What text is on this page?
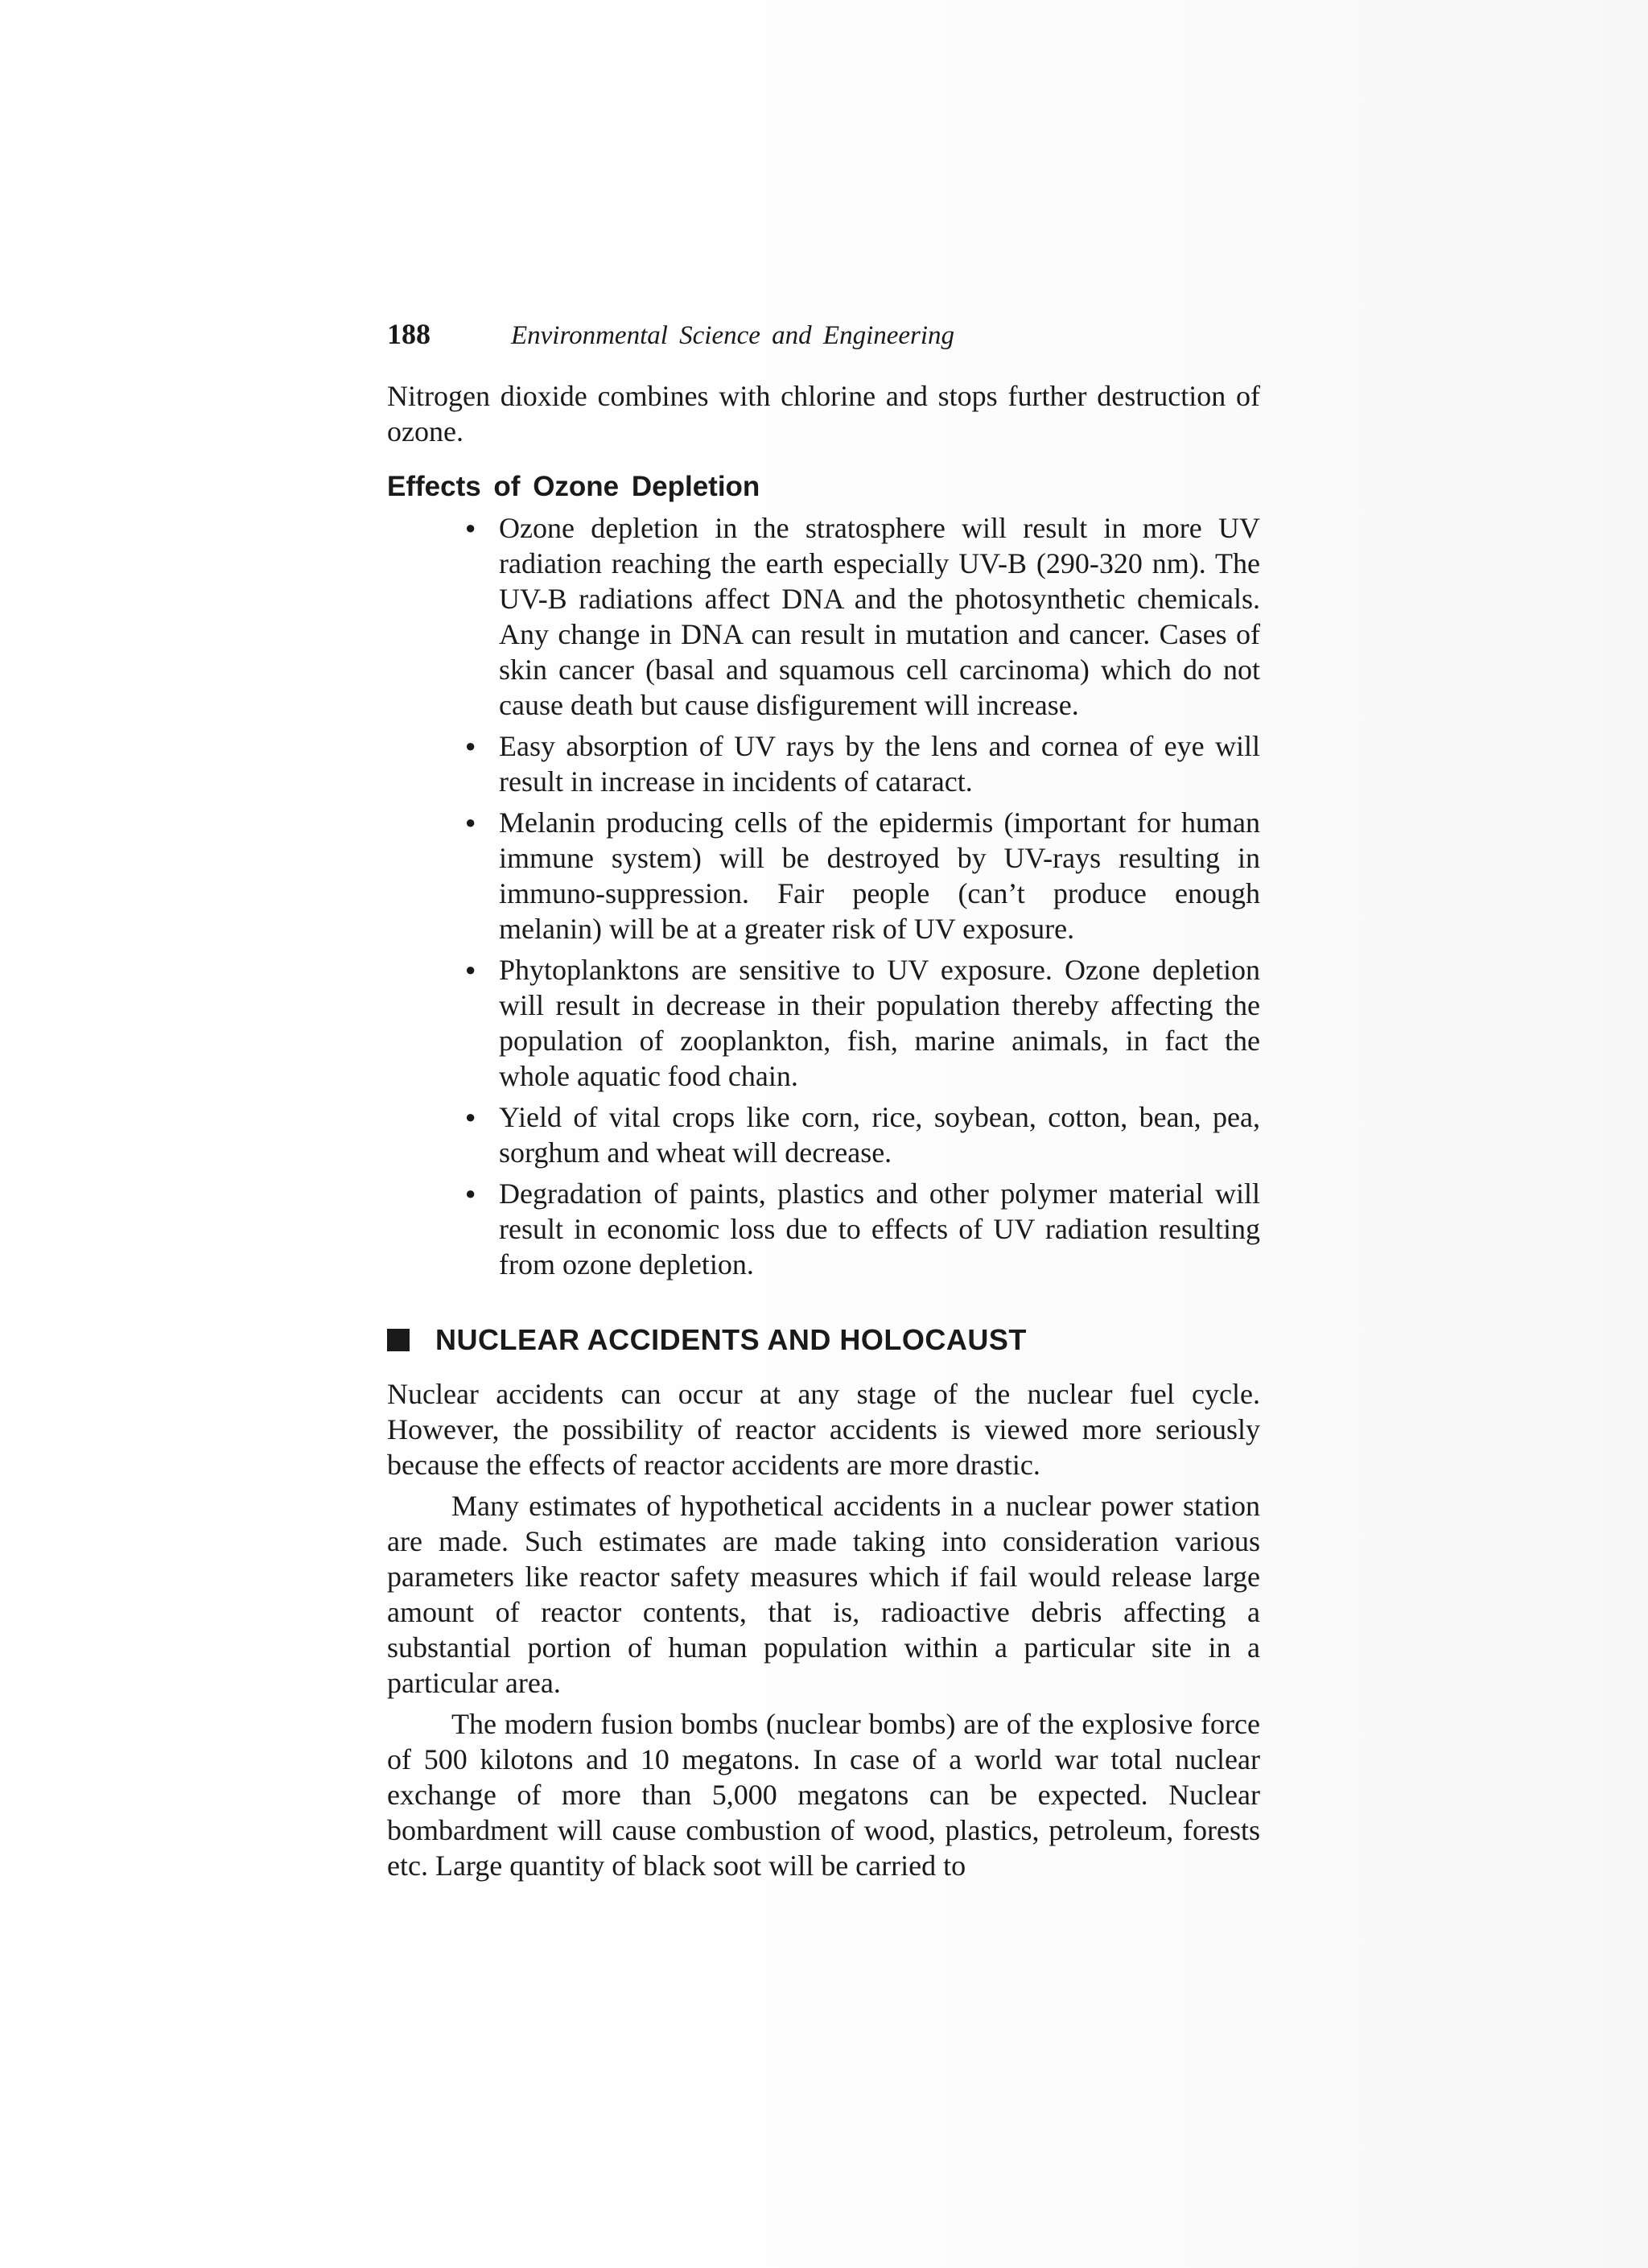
188	Environmental Science and Engineering

Nitrogen dioxide combines with chlorine and stops further destruction of ozone.

Effects of Ozone Depletion
● Ozone depletion in the stratosphere will result in more UV radiation reaching the earth especially UV-B (290-320 nm). The UV-B radiations affect DNA and the photosynthetic chemicals. Any change in DNA can result in mutation and cancer. Cases of skin cancer (basal and squamous cell carcinoma) which do not cause death but cause disfigurement will increase.
● Easy absorption of UV rays by the lens and cornea of eye will result in increase in incidents of cataract.
● Melanin producing cells of the epidermis (important for human immune system) will be destroyed by UV-rays resulting in immuno-suppression. Fair people (can’t produce enough melanin) will be at a greater risk of UV exposure.
● Phytoplanktons are sensitive to UV exposure. Ozone depletion will result in decrease in their population thereby affecting the population of zooplankton, fish, marine animals, in fact the whole aquatic food chain.
● Yield of vital crops like corn, rice, soybean, cotton, bean, pea, sorghum and wheat will decrease.
● Degradation of paints, plastics and other polymer material will result in economic loss due to effects of UV radiation resulting from ozone depletion.
NUCLEAR ACCIDENTS AND HOLOCAUST

Nuclear accidents can occur at any stage of the nuclear fuel cycle. However, the possibility of reactor accidents is viewed more seriously because the effects of reactor accidents are more drastic.

Many estimates of hypothetical accidents in a nuclear power station are made. Such estimates are made taking into consideration various parameters like reactor safety measures which if fail would release large amount of reactor contents, that is, radioactive debris affecting a substantial portion of human population within a particular site in a particular area.

The modern fusion bombs (nuclear bombs) are of the explosive force of 500 kilotons and 10 megatons. In case of a world war total nuclear exchange of more than 5,000 megatons can be expected. Nuclear bombardment will cause combustion of wood, plastics, petroleum, forests etc. Large quantity of black soot will be carried to
